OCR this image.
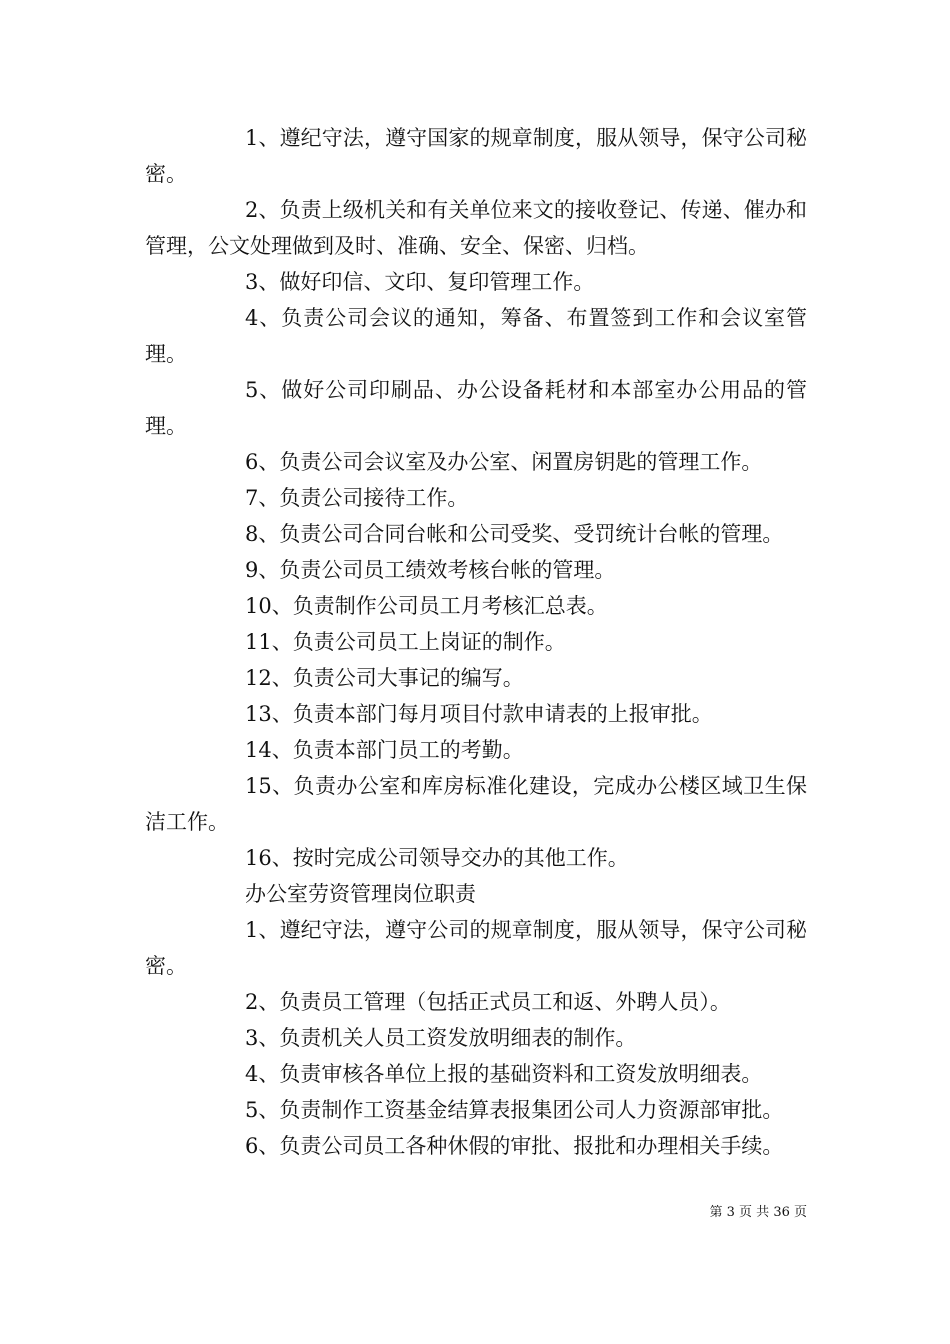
1、遵纪守法，遵守国家的规章制度，服从领导，保守公司秘密。

2、负责上级机关和有关单位来文的接收登记、传递、催办和管理，公文处理做到及时、准确、安全、保密、归档。

3、做好印信、文印、复印管理工作。

4、负责公司会议的通知，筹备、布置签到工作和会议室管理。

5、做好公司印刷品、办公设备耗材和本部室办公用品的管理。

6、负责公司会议室及办公室、闲置房钥匙的管理工作。

7、负责公司接待工作。

8、负责公司合同台帐和公司受奖、受罚统计台帐的管理。

9、负责公司员工绩效考核台帐的管理。

10、负责制作公司员工月考核汇总表。

11、负责公司员工上岗证的制作。

12、负责公司大事记的编写。

13、负责本部门每月项目付款申请表的上报审批。

14、负责本部门员工的考勤。

15、负责办公室和库房标准化建设，完成办公楼区域卫生保洁工作。

16、按时完成公司领导交办的其他工作。

办公室劳资管理岗位职责

1、遵纪守法，遵守公司的规章制度，服从领导，保守公司秘密。

2、负责员工管理（包括正式员工和返、外聘人员）。

3、负责机关人员工资发放明细表的制作。

4、负责审核各单位上报的基础资料和工资发放明细表。

5、负责制作工资基金结算表报集团公司人力资源部审批。

6、负责公司员工各种休假的审批、报批和办理相关手续。

第 3 页 共 36 页
